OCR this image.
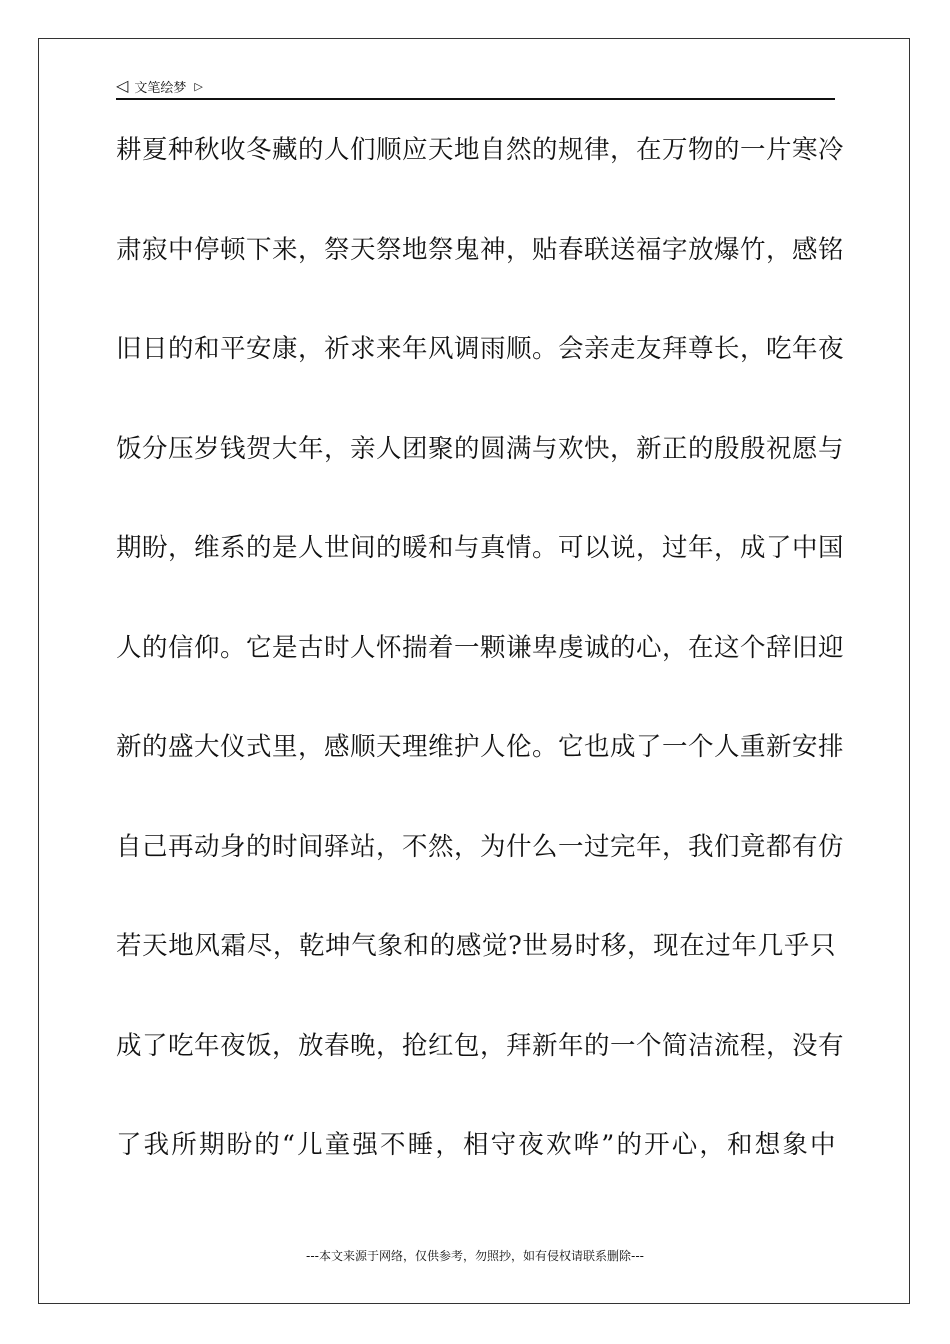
◁ 文笔绘梦 ▷
耕夏种秋收冬藏的人们顺应天地自然的规律，在万物的一片寒冷
肃寂中停顿下来，祭天祭地祭鬼神，贴春联送福字放爆竹，感铭
旧日的和平安康，祈求来年风调雨顺。会亲走友拜尊长，吃年夜
饭分压岁钱贺大年，亲人团聚的圆满与欢快，新正的殷殷祝愿与
期盼，维系的是人世间的暖和与真情。可以说，过年，成了中国
人的信仰。它是古时人怀揣着一颗谦卑虔诚的心，在这个辞旧迎
新的盛大仪式里，感顺天理维护人伦。它也成了一个人重新安排
自己再动身的时间驿站，不然，为什么一过完年，我们竟都有仿
若天地风霜尽，乾坤气象和的感觉?世易时移，现在过年几乎只
成了吃年夜饭，放春晚，抢红包，拜新年的一个简洁流程，没有
了我所期盼的“儿童强不睡，相守夜欢哗”的开心，和想象中
---本文来源于网络，仅供参考，勿照抄，如有侵权请联系删除---
